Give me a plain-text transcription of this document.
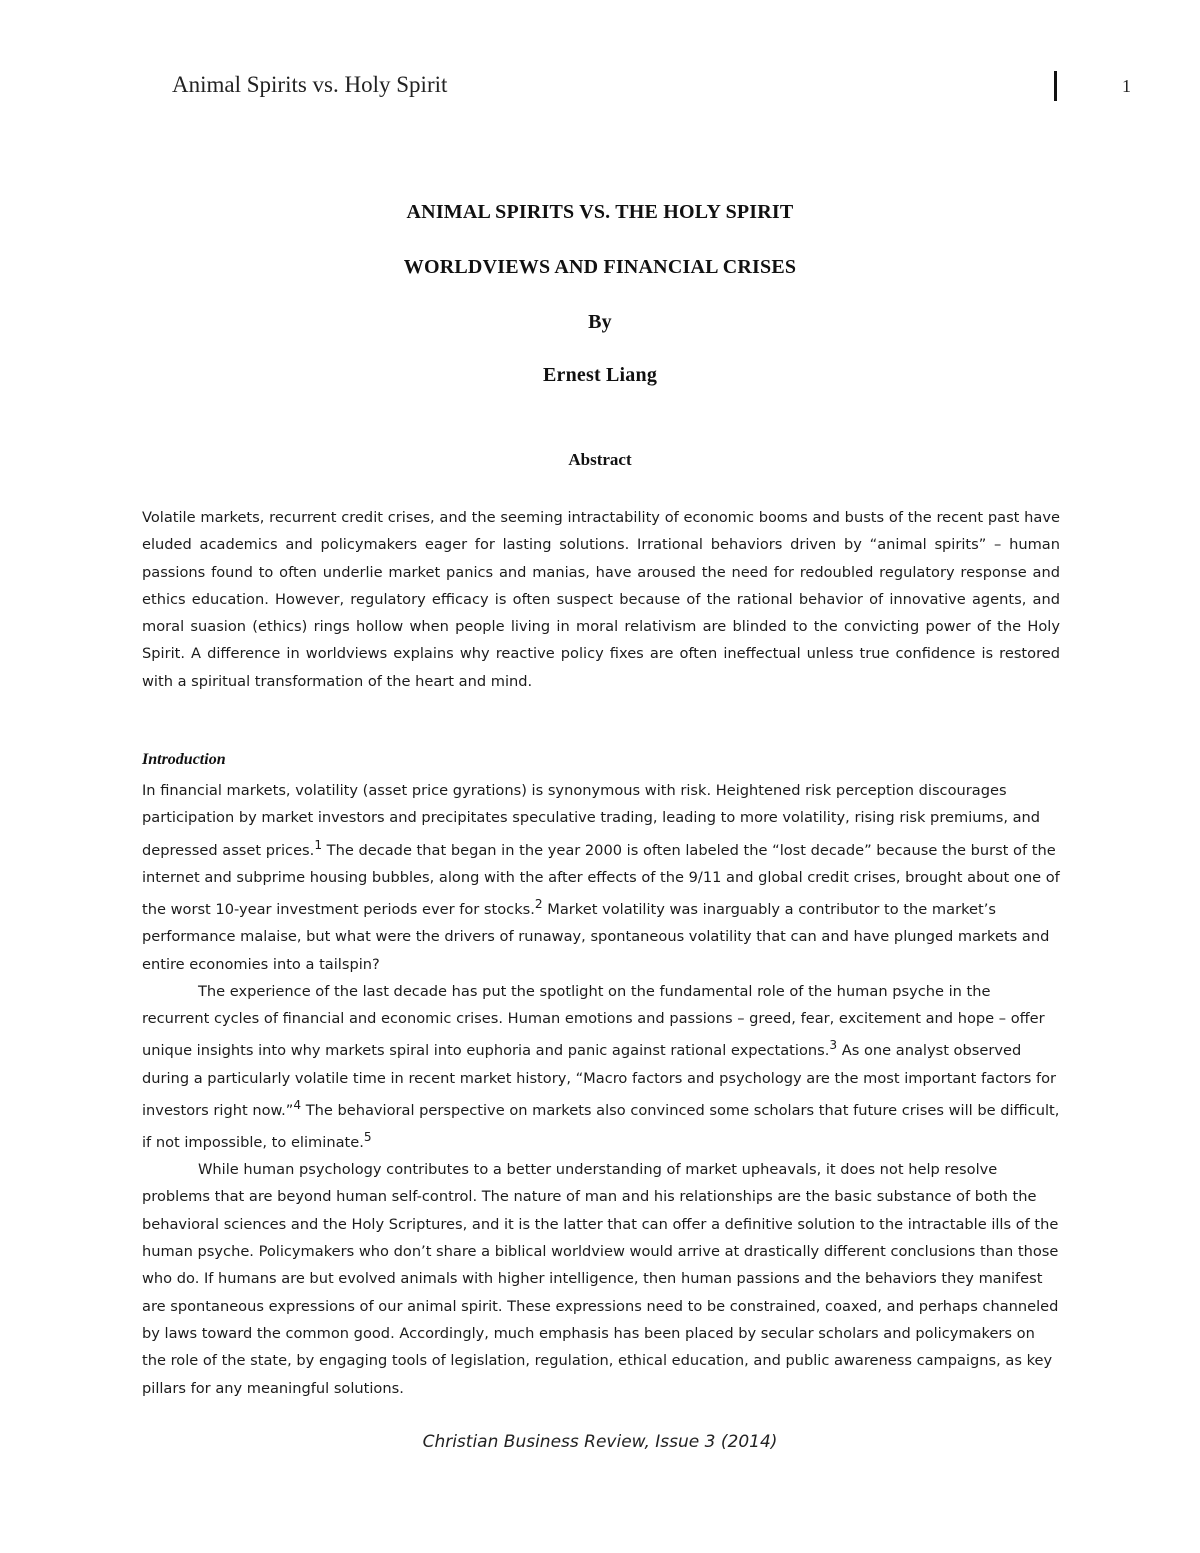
Animal Spirits vs. Holy Spirit	1
ANIMAL SPIRITS VS. THE HOLY SPIRIT
WORLDVIEWS AND FINANCIAL CRISES
By
Ernest Liang
Abstract

Volatile markets, recurrent credit crises, and the seeming intractability of economic booms and busts of the recent past have eluded academics and policymakers eager for lasting solutions. Irrational behaviors driven by “animal spirits” – human passions found to often underlie market panics and manias, have aroused the need for redoubled regulatory response and ethics education. However, regulatory efficacy is often suspect because of the rational behavior of innovative agents, and moral suasion (ethics) rings hollow when people living in moral relativism are blinded to the convicting power of the Holy Spirit. A difference in worldviews explains why reactive policy fixes are often ineffectual unless true confidence is restored with a spiritual transformation of the heart and mind.

Introduction

In financial markets, volatility (asset price gyrations) is synonymous with risk. Heightened risk perception discourages participation by market investors and precipitates speculative trading, leading to more volatility, rising risk premiums, and depressed asset prices.$^1$ The decade that began in the year 2000 is often labeled the “lost decade” because the burst of the internet and subprime housing bubbles, along with the after effects of the 9/11 and global credit crises, brought about one of the worst 10-year investment periods ever for stocks.$^2$ Market volatility was inarguably a contributor to the market’s performance malaise, but what were the drivers of runaway, spontaneous volatility that can and have plunged markets and entire economies into a tailspin?

The experience of the last decade has put the spotlight on the fundamental role of the human psyche in the recurrent cycles of financial and economic crises. Human emotions and passions – greed, fear, excitement and hope – offer unique insights into why markets spiral into euphoria and panic against rational expectations.$^3$ As one analyst observed during a particularly volatile time in recent market history, “Macro factors and psychology are the most important factors for investors right now.”$^4$ The behavioral perspective on markets also convinced some scholars that future crises will be difficult, if not impossible, to eliminate.$^5$

While human psychology contributes to a better understanding of market upheavals, it does not help resolve problems that are beyond human self-control. The nature of man and his relationships are the basic substance of both the behavioral sciences and the Holy Scriptures, and it is the latter that can offer a definitive solution to the intractable ills of the human psyche. Policymakers who don’t share a biblical worldview would arrive at drastically different conclusions than those who do. If humans are but evolved animals with higher intelligence, then human passions and the behaviors they manifest are spontaneous expressions of our animal spirit. These expressions need to be constrained, coaxed, and perhaps channeled by laws toward the common good. Accordingly, much emphasis has been placed by secular scholars and policymakers on the role of the state, by engaging tools of legislation, regulation, ethical education, and public awareness campaigns, as key pillars for any meaningful solutions.

Christian Business Review, Issue 3 (2014)
